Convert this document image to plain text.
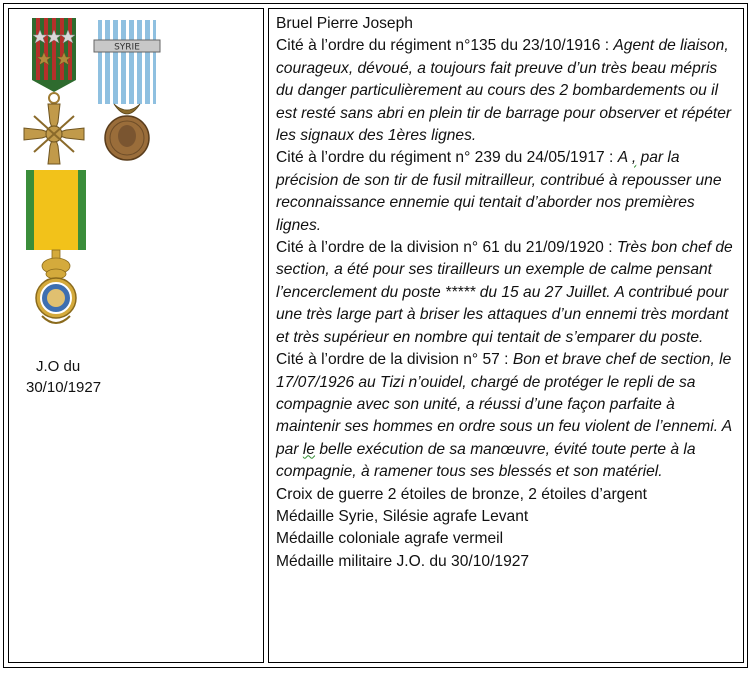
SYRIE
J.O du
30/10/1927

Bruel Pierre Joseph

Cité à l’ordre du régiment n°135 du 23/10/1916 : Agent de liaison, courageux, dévoué, a toujours fait preuve d’un très beau mépris du danger particulièrement au cours des 2 bombardements ou il est resté sans abri en plein tir de barrage pour observer et répéter les signaux des 1ères lignes.

Cité à l’ordre du régiment n° 239 du 24/05/1917 : A , par la précision de son tir de fusil mitrailleur, contribué à repousser une reconnaissance ennemie qui tentait d’aborder nos premières lignes.

Cité à l’ordre de la division n° 61 du 21/09/1920 : Très bon chef de section, a été pour ses tirailleurs un exemple de calme pensant l’encerclement du poste ***** du 15 au 27 Juillet. A contribué pour une très large part à briser les attaques d’un ennemi très mordant et très supérieur en nombre qui tentait de s’emparer du poste.

Cité à l’ordre de la division n° 57 : Bon et brave chef de section, le 17/07/1926 au Tizi n’ouidel, chargé de protéger le repli de sa compagnie avec son unité, a réussi d’une façon parfaite à maintenir ses hommes en ordre sous un feu violent de l’ennemi. A par le belle exécution de sa manœuvre, évité toute perte à la compagnie, à ramener tous ses blessés et son matériel.

Croix de guerre 2 étoiles de bronze, 2 étoiles d’argent

Médaille Syrie, Silésie agrafe Levant

Médaille coloniale agrafe vermeil

Médaille militaire J.O. du 30/10/1927
